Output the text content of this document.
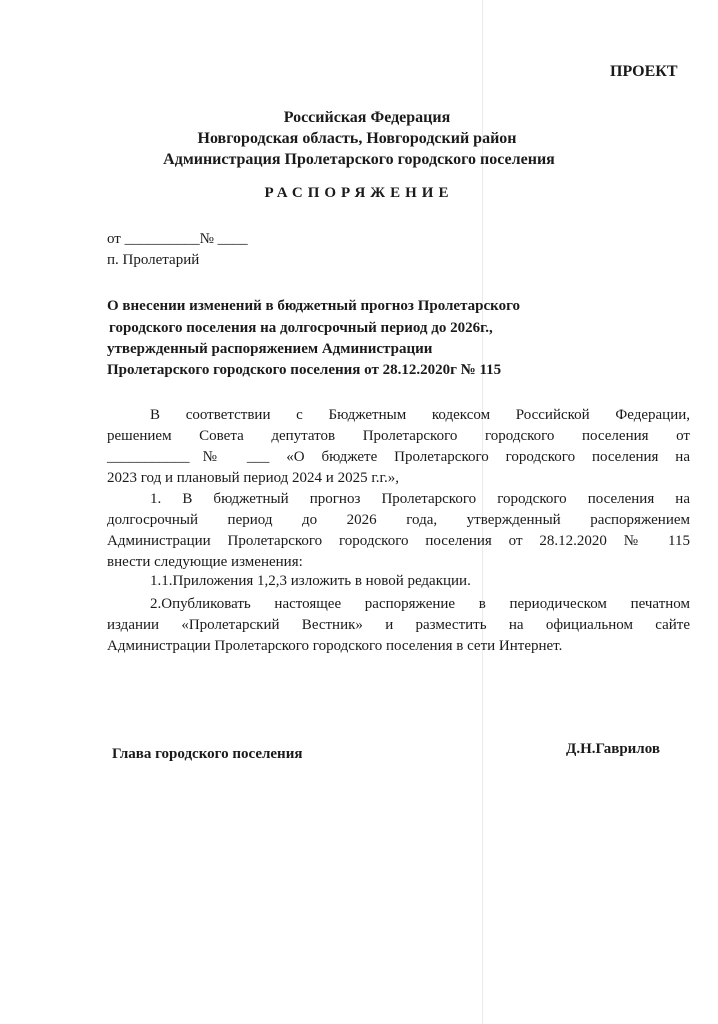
ПРОЕКТ
Российская Федерация
Новгородская область, Новгородский район
Администрация Пролетарского городского поселения
РАСПОРЯЖЕНИЕ
от __________№ ____
п. Пролетарий
О внесении изменений в бюджетный прогноз Пролетарского
городского поселения на долгосрочный период до 2026г.,
утвержденный распоряжением Администрации
Пролетарского городского поселения от 28.12.2020г № 115

В соответствии с Бюджетным кодексом Российской Федерации,

решением Совета депутатов Пролетарского городского поселения от

___________№ ___ «О бюджете Пролетарского городского поселения на

2023 год и плановый период 2024 и 2025 г.г.»,

1. В бюджетный прогноз Пролетарского городского поселения на

долгосрочный период до 2026 года, утвержденный распоряжением

Администрации Пролетарского городского поселения от 28.12.2020 № 115

внести следующие изменения:

1.1.Приложения 1,2,3 изложить в новой редакции.

2.Опубликовать настоящее распоряжение в периодическом печатном

издании «Пролетарский Вестник» и разместить на официальном сайте

Администрации Пролетарского городского поселения в сети Интернет.

Глава городского поселения	Д.Н.Гаврилов
